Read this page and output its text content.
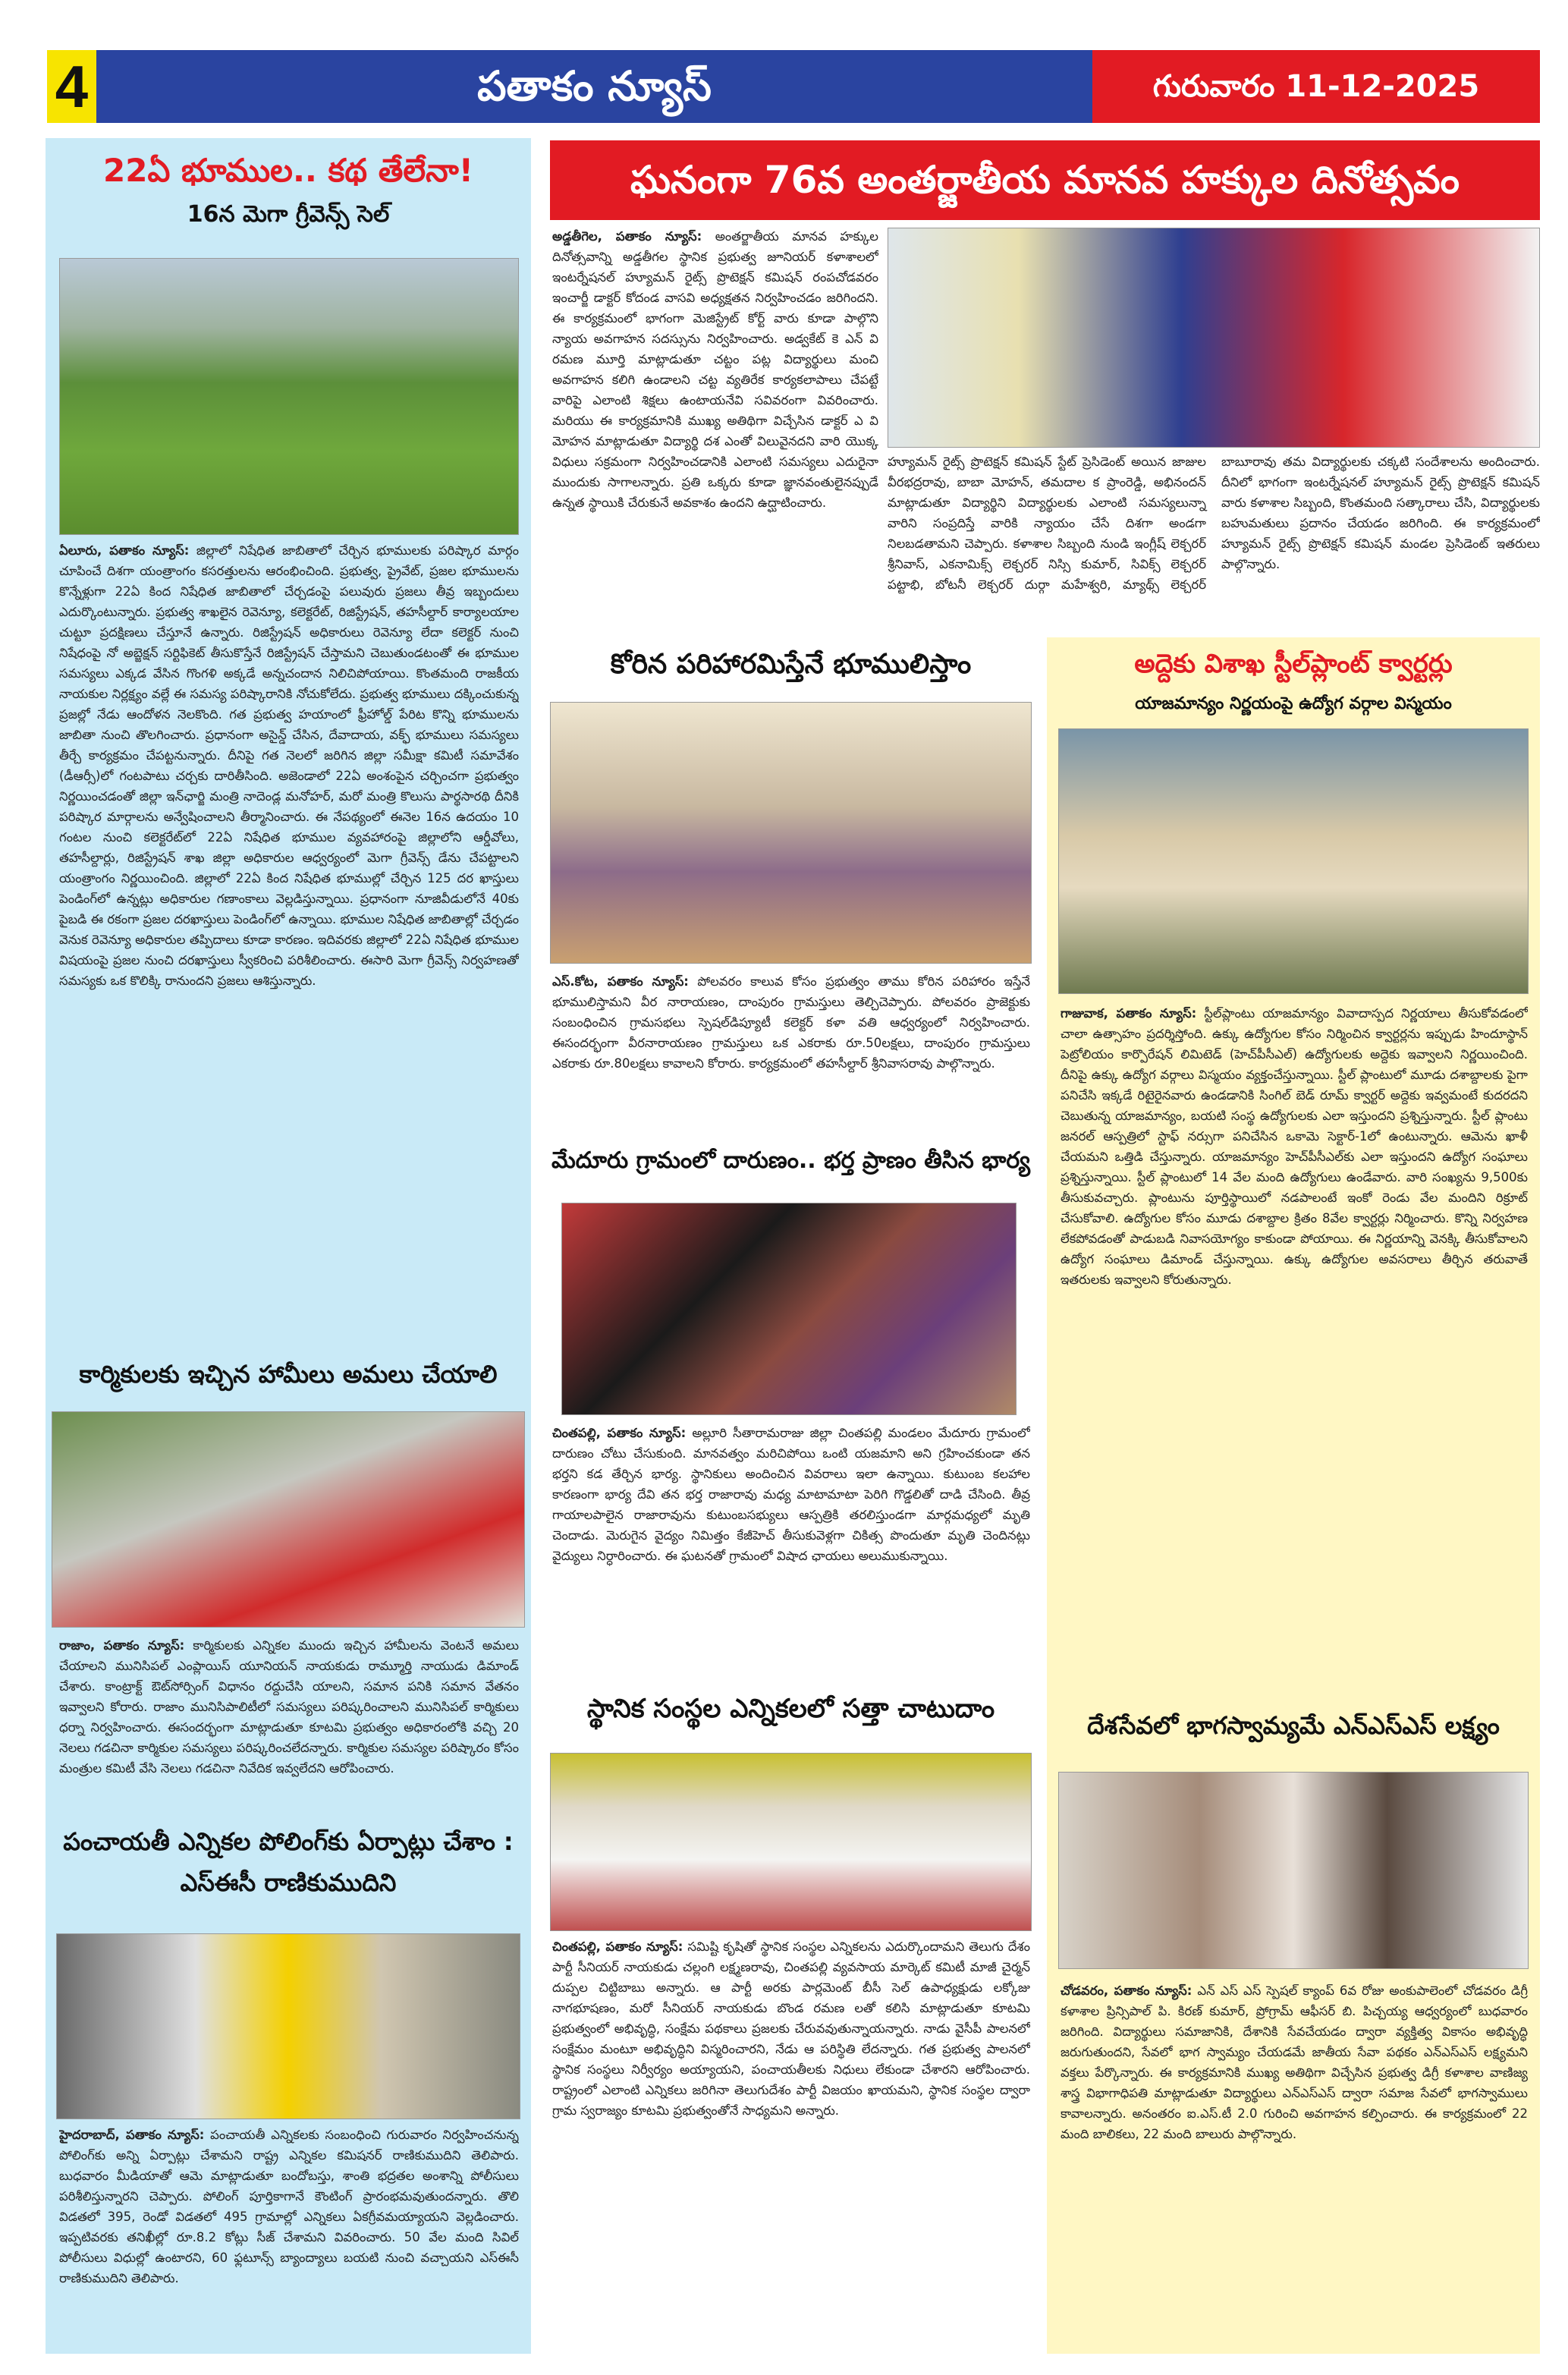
4	పతాకం న్యూస్	గురువారం 11-12-2025
22ఏ భూముల.. కథ తేలేనా!
16న మెగా గ్రీవెన్స్ సెల్
ఏలూరు, పతాకం న్యూస్: జిల్లాలో నిషేధిత జాబితాలో చేర్చిన భూములకు పరిష్కార మార్గం చూపించే దిశగా యంత్రాంగం కసరత్తులను ఆరంభించింది. ప్రభుత్వ, ప్రైవేట్, ప్రజల భూములను కొన్నేళ్లుగా 22ఏ కింద నిషేధిత జాబితాలో చేర్చడంపై పలువురు ప్రజలు తీవ్ర ఇబ్బందులు ఎదుర్కొంటున్నారు. ప్రభుత్వ శాఖలైన రెవెన్యూ, కలెక్టరేట్, రిజిస్ట్రేషన్, తహసీల్దార్ కార్యాలయాల చుట్టూ ప్రదక్షిణలు చేస్తూనే ఉన్నారు. రిజిస్ట్రేషన్ అధికారులు రెవెన్యూ లేదా కలెక్టర్ నుంచి నిషేధంపై నో అబ్జెక్షన్ సర్టిఫికెట్ తీసుకొస్తేనే రిజిస్ట్రేషన్ చేస్తామని చెబుతుండటంతో ఈ భూముల సమస్యలు ఎక్కడ వేసిన గొంగళి అక్కడే అన్నచందాన నిలిచిపోయాయి. కొంతమంది రాజకీయ నాయకుల నిర్లక్ష్యం వల్లే ఈ సమస్య పరిష్కారానికి నోచుకోలేదు. ప్రభుత్వ భూములు దక్కించుకున్న ప్రజల్లో నేడు ఆందోళన నెలకొంది. గత ప్రభుత్వ హయాంలో ఫ్రీహోల్డ్ పేరిట కొన్ని భూములను జాబితా నుంచి తొలగించారు. ప్రధానంగా అసైన్డ్ చేసిన, దేవాదాయ, వక్ఫ్ భూములు సమస్యలు తీర్చే కార్యక్రమం చేపట్టనున్నారు. దీనిపై గత నెలలో జరిగిన జిల్లా సమీక్షా కమిటీ సమావేశం (డీఆర్సీ)లో గంటపాటు చర్చకు దారితీసింది. అజెండాలో 22ఏ అంశంపైన చర్చించగా ప్రభుత్వం నిర్ణయించడంతో జిల్లా ఇన్‌ఛార్జి మంత్రి నాదెండ్ల మనోహర్, మరో మంత్రి కొలుసు పార్థసారథి దీనికి పరిష్కార మార్గాలను అన్వేషించాలని తీర్మానించారు. ఈ నేపథ్యంలో ఈనెల 16న ఉదయం 10 గంటల నుంచి కలెక్టరేట్‌లో 22ఏ నిషేధిత భూముల వ్యవహారంపై జిల్లాలోని ఆర్డీవోలు, తహసీల్దార్లు, రిజిస్ట్రేషన్ శాఖ జిల్లా అధికారుల ఆధ్వర్యంలో మెగా గ్రీవెన్స్ డేను చేపట్టాలని యంత్రాంగం నిర్ణయించింది. జిల్లాలో 22ఏ కింద నిషేధిత భూముల్లో చేర్చిన 125 దర ఖాస్తులు పెండింగ్‌లో ఉన్నట్లు అధికారుల గణాంకాలు వెల్లడిస్తున్నాయి. ప్రధానంగా నూజివీడులోనే 40కు పైబడి ఈ రకంగా ప్రజల దరఖాస్తులు పెండింగ్‌లో ఉన్నాయి. భూముల నిషేధిత జాబితాల్లో చేర్చడం వెనుక రెవెన్యూ అధికారుల తప్పిదాలు కూడా కారణం. ఇదివరకు జిల్లాలో 22ఏ నిషేధిత భూముల విషయంపై ప్రజల నుంచి దరఖాస్తులు స్వీకరించి పరిశీలించారు. ఈసారి మెగా గ్రీవెన్స్ నిర్వహణతో సమస్యకు ఒక కొలిక్కి రానుందని ప్రజలు ఆశిస్తున్నారు.
కార్మికులకు ఇచ్చిన హామీలు అమలు చేయాలి
రాజాం, పతాకం న్యూస్: కార్మికులకు ఎన్నికల ముందు ఇచ్చిన హామీలను వెంటనే అమలు చేయాలని మునిసిపల్ ఎంప్లాయిస్ యూనియన్ నాయకుడు రామ్మూర్తి నాయుడు డిమాండ్ చేశారు. కాంట్రాక్ట్ ఔట్‌సోర్సింగ్ విధానం రద్దుచేసి యాలని, సమాన పనికి సమాన వేతనం ఇవ్వాలని కోరారు. రాజాం మునిసిపాలిటీలో సమస్యలు పరిష్కరించాలని మునిసిపల్ కార్మికులు ధర్నా నిర్వహించారు. ఈసందర్భంగా మాట్లాడుతూ కూటమి ప్రభుత్వం అధికారంలోకి వచ్చి 20 నెలలు గడచినా కార్మికుల సమస్యలు పరిష్కరించలేదన్నారు. కార్మికుల సమస్యల పరిష్కారం కోసం మంత్రుల కమిటీ వేసి నెలలు గడచినా నివేదిక ఇవ్వలేదని ఆరోపించారు.
పంచాయతీ ఎన్నికల పోలింగ్‌కు ఏర్పాట్లు చేశాం : ఎస్ఈసీ రాణికుముదిని
హైదరాబాద్, పతాకం న్యూస్: పంచాయతీ ఎన్నికలకు సంబంధించి గురువారం నిర్వహించనున్న పోలింగ్‌కు అన్ని ఏర్పాట్లు చేశామని రాష్ట్ర ఎన్నికల కమిషనర్ రాణికుముదిని తెలిపారు. బుధవారం మీడియాతో ఆమె మాట్లాడుతూ బందోబస్తు, శాంతి భద్రతల అంశాన్ని పోలీసులు పరిశీలిస్తున్నారని చెప్పారు. పోలింగ్ పూర్తికాగానే కౌంటింగ్ ప్రారంభమవుతుందన్నారు. తొలి విడతలో 395, రెండో విడతలో 495 గ్రామాల్లో ఎన్నికలు ఏకగ్రీవమయ్యాయని వెల్లడించారు. ఇప్పటివరకు తనిఖీల్లో రూ.8.2 కోట్లు సీజ్ చేశామని వివరించారు. 50 వేల మంది సివిల్ పోలీసులు విధుల్లో ఉంటారని, 60 ఫ్లటూన్స్ బ్యాంద్యాలు బయటి నుంచి వచ్చాయని ఎస్ఈసీ రాణికుముదిని తెలిపారు.
ఘనంగా 76వ అంతర్జాతీయ మానవ హక్కుల దినోత్సవం
అడ్డతీగెల, పతాకం న్యూస్: అంతర్జాతీయ మానవ హక్కుల దినోత్సవాన్ని అడ్డతీగల స్థానిక ప్రభుత్వ జూనియర్ కళాశాలలో ఇంటర్నేషనల్ హ్యూమన్ రైట్స్ ప్రొటెక్షన్ కమిషన్ రంపచోడవరం ఇంచార్జీ డాక్టర్ కోదండ వాసవి అధ్యక్షతన నిర్వహించడం జరిగిందని. ఈ కార్యక్రమంలో భాగంగా మెజిస్ట్రేట్ కోర్ట్ వారు కూడా పాల్గొని న్యాయ అవగాహన సదస్సును నిర్వహించారు. అడ్వకేట్ కె ఎన్ వి రమణ మూర్తి మాట్లాడుతూ చట్టం పట్ల విద్యార్థులు మంచి అవగాహన కలిగి ఉండాలని చట్ట వ్యతిరేక కార్యకలాపాలు చేపట్టే వారిపై ఎలాంటి శిక్షలు ఉంటాయనేవి సవివరంగా వివరించారు. మరియు ఈ కార్యక్రమానికి ముఖ్య అతిథిగా విచ్చేసిన డాక్టర్ ఎ వి మోహన మాట్లాడుతూ విద్యార్థి దశ ఎంతో విలువైనదని వారి యొక్క విధులు సక్రమంగా నిర్వహించడానికి ఎలాంటి సమస్యలు ఎదురైనా ముందుకు సాగాలన్నారు. ప్రతి ఒక్కరు కూడా జ్ఞానవంతులైనప్పుడే ఉన్నత స్థాయికి చేరుకునే అవకాశం ఉందని ఉద్ఘాటించారు.
హ్యూమన్ రైట్స్ ప్రొటెక్షన్ కమిషన్ స్టేట్ ప్రెసిడెంట్ అయిన జాజుల వీరభద్రరావు, బాబా మోహన్, తమదాల క ప్రాంరెడ్డి, అభినందన్ మాట్లాడుతూ విద్యార్థిని విద్యార్థులకు ఎలాంటి సమస్యలున్నా వారిని సంప్రదిస్తే వారికి న్యాయం చేసే దిశగా అండగా నిలబడతామని చెప్పారు. కళాశాల సిబ్బంది నుండి ఇంగ్లీష్ లెక్చరర్ శ్రీనివాస్, ఎకనామిక్స్ లెక్చరర్ నిస్సి కుమార్, సివిక్స్ లెక్చరర్ పట్టాభి, బోటనీ లెక్చరర్ దుర్గా మహేశ్వరి, మ్యాథ్స్ లెక్చరర్ బాబూరావు తమ విద్యార్థులకు చక్కటి సందేశాలను అందించారు. దీనిలో భాగంగా ఇంటర్నేషనల్ హ్యూమన్ రైట్స్ ప్రొటెక్షన్ కమిషన్ వారు కళాశాల సిబ్బంది, కొంతమంది సత్కారాలు చేసి, విద్యార్థులకు బహుమతులు ప్రదానం చేయడం జరిగింది. ఈ కార్యక్రమంలో హ్యూమన్ రైట్స్ ప్రొటెక్షన్ కమిషన్ మండల ప్రెసిడెంట్ ఇతరులు పాల్గొన్నారు.
కోరిన పరిహారమిస్తేనే భూములిస్తాం
ఎస్.కోట, పతాకం న్యూస్: పోలవరం కాలువ కోసం ప్రభుత్వం తాము కోరిన పరిహారం ఇస్తేనే భూములిస్తామని వీర నారాయణం, దాంపురం గ్రామస్తులు తెల్చిచెప్పారు. పోలవరం ప్రాజెక్టుకు సంబంధించిన గ్రామసభలు స్పెషల్‌డిప్యూటీ కలెక్టర్ కళా వతి ఆధ్వర్యంలో నిర్వహించారు. ఈసందర్భంగా వీరనారాయణం గ్రామస్తులు ఒక ఎకరాకు రూ.50లక్షలు, దాంపురం గ్రామస్తులు ఎకరాకు రూ.80లక్షలు కావాలని కోరారు. కార్యక్రమంలో తహసీల్దార్ శ్రీనివాసరావు పాల్గొన్నారు.
మేదూరు గ్రామంలో దారుణం.. భర్త ప్రాణం తీసిన భార్య
చింతపల్లి, పతాకం న్యూస్: అల్లూరి సీతారామరాజు జిల్లా చింతపల్లి మండలం మేదూరు గ్రామంలో దారుణం చోటు చేసుకుంది. మానవత్వం మరిచిపోయి ఒంటి యజమాని అని గ్రహించకుండా తన భర్తని కడ తేర్చిన భార్య. స్థానికులు అందించిన వివరాలు ఇలా ఉన్నాయి. కుటుంబ కలహాల కారణంగా భార్య దేవి తన భర్త రాజారావు మధ్య మాటామాటా పెరిగి గొడ్డలితో దాడి చేసింది. తీవ్ర గాయాలపాలైన రాజారావును కుటుంబసభ్యులు ఆస్పత్రికి తరలిస్తుండగా మార్గమధ్యలో మృతి చెందాడు. మెరుగైన వైద్యం నిమిత్తం కేజీహెచ్ తీసుకువెళ్లగా చికిత్స పొందుతూ మృతి చెందినట్లు వైద్యులు నిర్ధారించారు. ఈ ఘటనతో గ్రామంలో విషాద ఛాయలు అలుముకున్నాయి.
స్థానిక సంస్థల ఎన్నికలలో సత్తా చాటుదాం
చింతపల్లి, పతాకం న్యూస్: సమిష్టి కృషితో స్థానిక సంస్థల ఎన్నికలను ఎదుర్కొందామని తెలుగు దేశం పార్టీ సీనియర్ నాయకుడు చల్లంగి లక్ష్మణరావు, చింతపల్లి వ్యవసాయ మార్కెట్ కమిటీ మాజీ చైర్మన్ దుప్పల చిట్టిబాబు అన్నారు. ఆ పార్టీ అరకు పార్లమెంట్ బీసీ సెల్ ఉపాధ్యక్షుడు లక్కోజు నాగభూషణం, మరో సీనియర్ నాయకుడు బొండ రమణ లతో కలిసి మాట్లాడుతూ కూటమి ప్రభుత్వంలో అభివృద్ధి, సంక్షేమ పథకాలు ప్రజలకు చేరువవుతున్నాయన్నారు. నాడు వైసీపీ పాలనలో సంక్షేమం మంటూ అభివృద్ధిని విస్మరించారని, నేడు ఆ పరిస్థితి లేదన్నారు. గత ప్రభుత్వ పాలనలో స్థానిక సంస్థలు నిర్వీర్యం అయ్యాయని, పంచాయతీలకు నిధులు లేకుండా చేశారని ఆరోపించారు. రాష్ట్రంలో ఎలాంటి ఎన్నికలు జరిగినా తెలుగుదేశం పార్టీ విజయం ఖాయమని, స్థానిక సంస్థల ద్వారా గ్రామ స్వరాజ్యం కూటమి ప్రభుత్వంతోనే సాధ్యమని అన్నారు.
అద్దెకు విశాఖ స్టీల్‌ప్లాంట్ క్వార్టర్లు
యాజమాన్యం నిర్ణయంపై ఉద్యోగ వర్గాల విస్మయం
గాజువాక, పతాకం న్యూస్: స్టీల్‌ప్లాంటు యాజమాన్యం వివాదాస్పద నిర్ణయాలు తీసుకోవడంలో చాలా ఉత్సాహం ప్రదర్శిస్తోంది. ఉక్కు ఉద్యోగుల కోసం నిర్మించిన క్వార్టర్లను ఇప్పుడు హిందూస్థాన్ పెట్రోలియం కార్పొరేషన్ లిమిటెడ్ (హెచ్‌పీసీఎల్) ఉద్యోగులకు అద్దెకు ఇవ్వాలని నిర్ణయించింది. దీనిపై ఉక్కు ఉద్యోగ వర్గాలు విస్మయం వ్యక్తంచేస్తున్నాయి. స్టీల్ ప్లాంటులో మూడు దశాబ్దాలకు పైగా పనిచేసి ఇక్కడే రిటైరైనవారు ఉండడానికి సింగిల్ బెడ్ రూమ్ క్వార్టర్ అద్దెకు ఇవ్వమంటే కుదరదని చెబుతున్న యాజమాన్యం, బయటి సంస్థ ఉద్యోగులకు ఎలా ఇస్తుందని ప్రశ్నిస్తున్నారు. స్టీల్ ప్లాంటు జనరల్ ఆస్పత్రిలో స్టాఫ్ నర్సుగా పనిచేసిన ఒకామె సెక్టార్-1లో ఉంటున్నారు. ఆమెను ఖాళీ చేయమని ఒత్తిడి చేస్తున్నారు. యాజమాన్యం హెచ్‌పీసీఎల్‌కు ఎలా ఇస్తుందని ఉద్యోగ సంఘాలు ప్రశ్నిస్తున్నాయి. స్టీల్ ప్లాంటులో 14 వేల మంది ఉద్యోగులు ఉండేవారు. వారి సంఖ్యను 9,500కు తీసుకువచ్చారు. ప్లాంటును పూర్తిస్థాయిలో నడపాలంటే ఇంకో రెండు వేల మందిని రిక్రూట్ చేసుకోవాలి. ఉద్యోగుల కోసం మూడు దశాబ్దాల క్రితం 8వేల క్వార్టర్లు నిర్మించారు. కొన్ని నిర్వహణ లేకపోవడంతో పాడుబడి నివాసయోగ్యం కాకుండా పోయాయి. ఈ నిర్ణయాన్ని వెనక్కి తీసుకోవాలని ఉద్యోగ సంఘాలు డిమాండ్ చేస్తున్నాయి. ఉక్కు ఉద్యోగుల అవసరాలు తీర్చిన తరువాతే ఇతరులకు ఇవ్వాలని కోరుతున్నారు.
దేశసేవలో భాగస్వామ్యమే ఎన్ఎస్ఎస్ లక్ష్యం
చోడవరం, పతాకం న్యూస్: ఎన్ ఎస్ ఎస్ స్పెషల్ క్యాంప్ 6వ రోజు అంకుపాలెంలో చోడవరం డిగ్రీ కళాశాల ప్రిన్సిపాల్ పి. కిరణ్ కుమార్, ప్రోగ్రామ్ ఆఫీసర్ బి. పిచ్చయ్య ఆధ్వర్యంలో బుధవారం జరిగింది. విద్యార్థులు సమాజానికి, దేశానికి సేవచేయడం ద్వారా వ్యక్తిత్వ వికాసం అభివృద్ధి జరుగుతుందని, సేవలో భాగ స్వామ్యం చేయడమే జాతీయ సేవా పథకం ఎన్ఎస్ఎస్ లక్ష్యమని వక్తలు పేర్కొన్నారు. ఈ కార్యక్రమానికి ముఖ్య అతిథిగా విచ్చేసిన ప్రభుత్వ డిగ్రీ కళాశాల వాణిజ్య శాస్త్ర విభాగాధిపతి మాట్లాడుతూ విద్యార్థులు ఎన్ఎస్ఎస్ ద్వారా సమాజ సేవలో భాగస్వాములు కావాలన్నారు. అనంతరం ఐ.ఎస్.టీ 2.0 గురించి అవగాహన కల్పించారు. ఈ కార్యక్రమంలో 22 మంది బాలికలు, 22 మంది బాలురు పాల్గొన్నారు.
